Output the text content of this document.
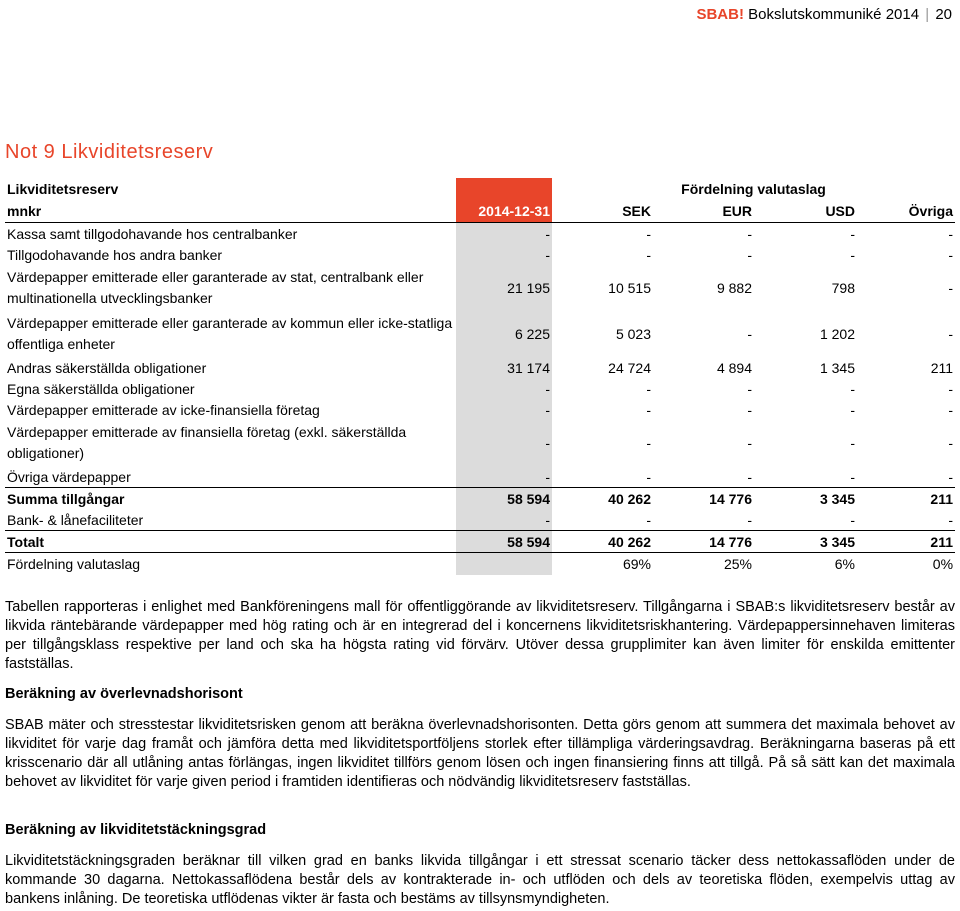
SBAB! Bokslutskommuniké 2014 | 20
Not 9 Likviditetsreserv
Likviditetsreserv		Fördelning valutaslag			
mnkr	2014-12-31	SEK	EUR	USD	Övriga
Kassa samt tillgodohavande hos centralbanker	-	-	-	-	-
Tillgodohavande hos andra banker	-	-	-	-	-
Värdepapper emitterade eller garanterade av stat, centralbank eller multinationella utvecklingsbanker	21 195	10 515	9 882	798	-
Värdepapper emitterade eller garanterade av kommun eller icke-statliga offentliga enheter	6 225	5 023	-	1 202	-
Andras säkerställda obligationer	31 174	24 724	4 894	1 345	211
Egna säkerställda obligationer	-	-	-	-	-
Värdepapper emitterade av icke-finansiella företag	-	-	-	-	-
Värdepapper emitterade av finansiella företag (exkl. säkerställda obligationer)	-	-	-	-	-
Övriga värdepapper	-	-	-	-	-
Summa tillgångar	58 594	40 262	14 776	3 345	211
Bank- & lånefaciliteter	-	-	-	-	-
Totalt	58 594	40 262	14 776	3 345	211
Fördelning valutaslag		69%	25%	6%	0%
Tabellen rapporteras i enlighet med Bankföreningens mall för offentliggörande av likviditetsreserv. Tillgångarna i SBAB:s likviditetsreserv består av likvida räntebärande värdepapper med hög rating och är en integrerad del i koncernens likviditetsriskhantering. Värdepappersinnehaven limiteras per tillgångsklass respektive per land och ska ha högsta rating vid förvärv. Utöver dessa grupplimiter kan även limiter för enskilda emittenter fastställas.
Beräkning av överlevnadshorisont
SBAB mäter och stresstestar likviditetsrisken genom att beräkna överlevnadshorisonten. Detta görs genom att summera det maximala behovet av likviditet för varje dag framåt och jämföra detta med likviditetsportföljens storlek efter tillämpliga värderingsavdrag. Beräkningarna baseras på ett krisscenario där all utlåning antas förlängas, ingen likviditet tillförs genom lösen och ingen finansiering finns att tillgå. På så sätt kan det maximala behovet av likviditet för varje given period i framtiden identifieras och nödvändig likviditetsreserv fastställas.
Beräkning av likviditetstäckningsgrad
Likviditetstäckningsgraden beräknar till vilken grad en banks likvida tillgångar i ett stressat scenario täcker dess nettokassaflöden under de kommande 30 dagarna. Nettokassaflödena består dels av kontrakterade in- och utflöden och dels av teoretiska flöden, exempelvis uttag av bankens inlåning. De teoretiska utflödenas vikter är fasta och bestäms av tillsynsmyndigheten.
